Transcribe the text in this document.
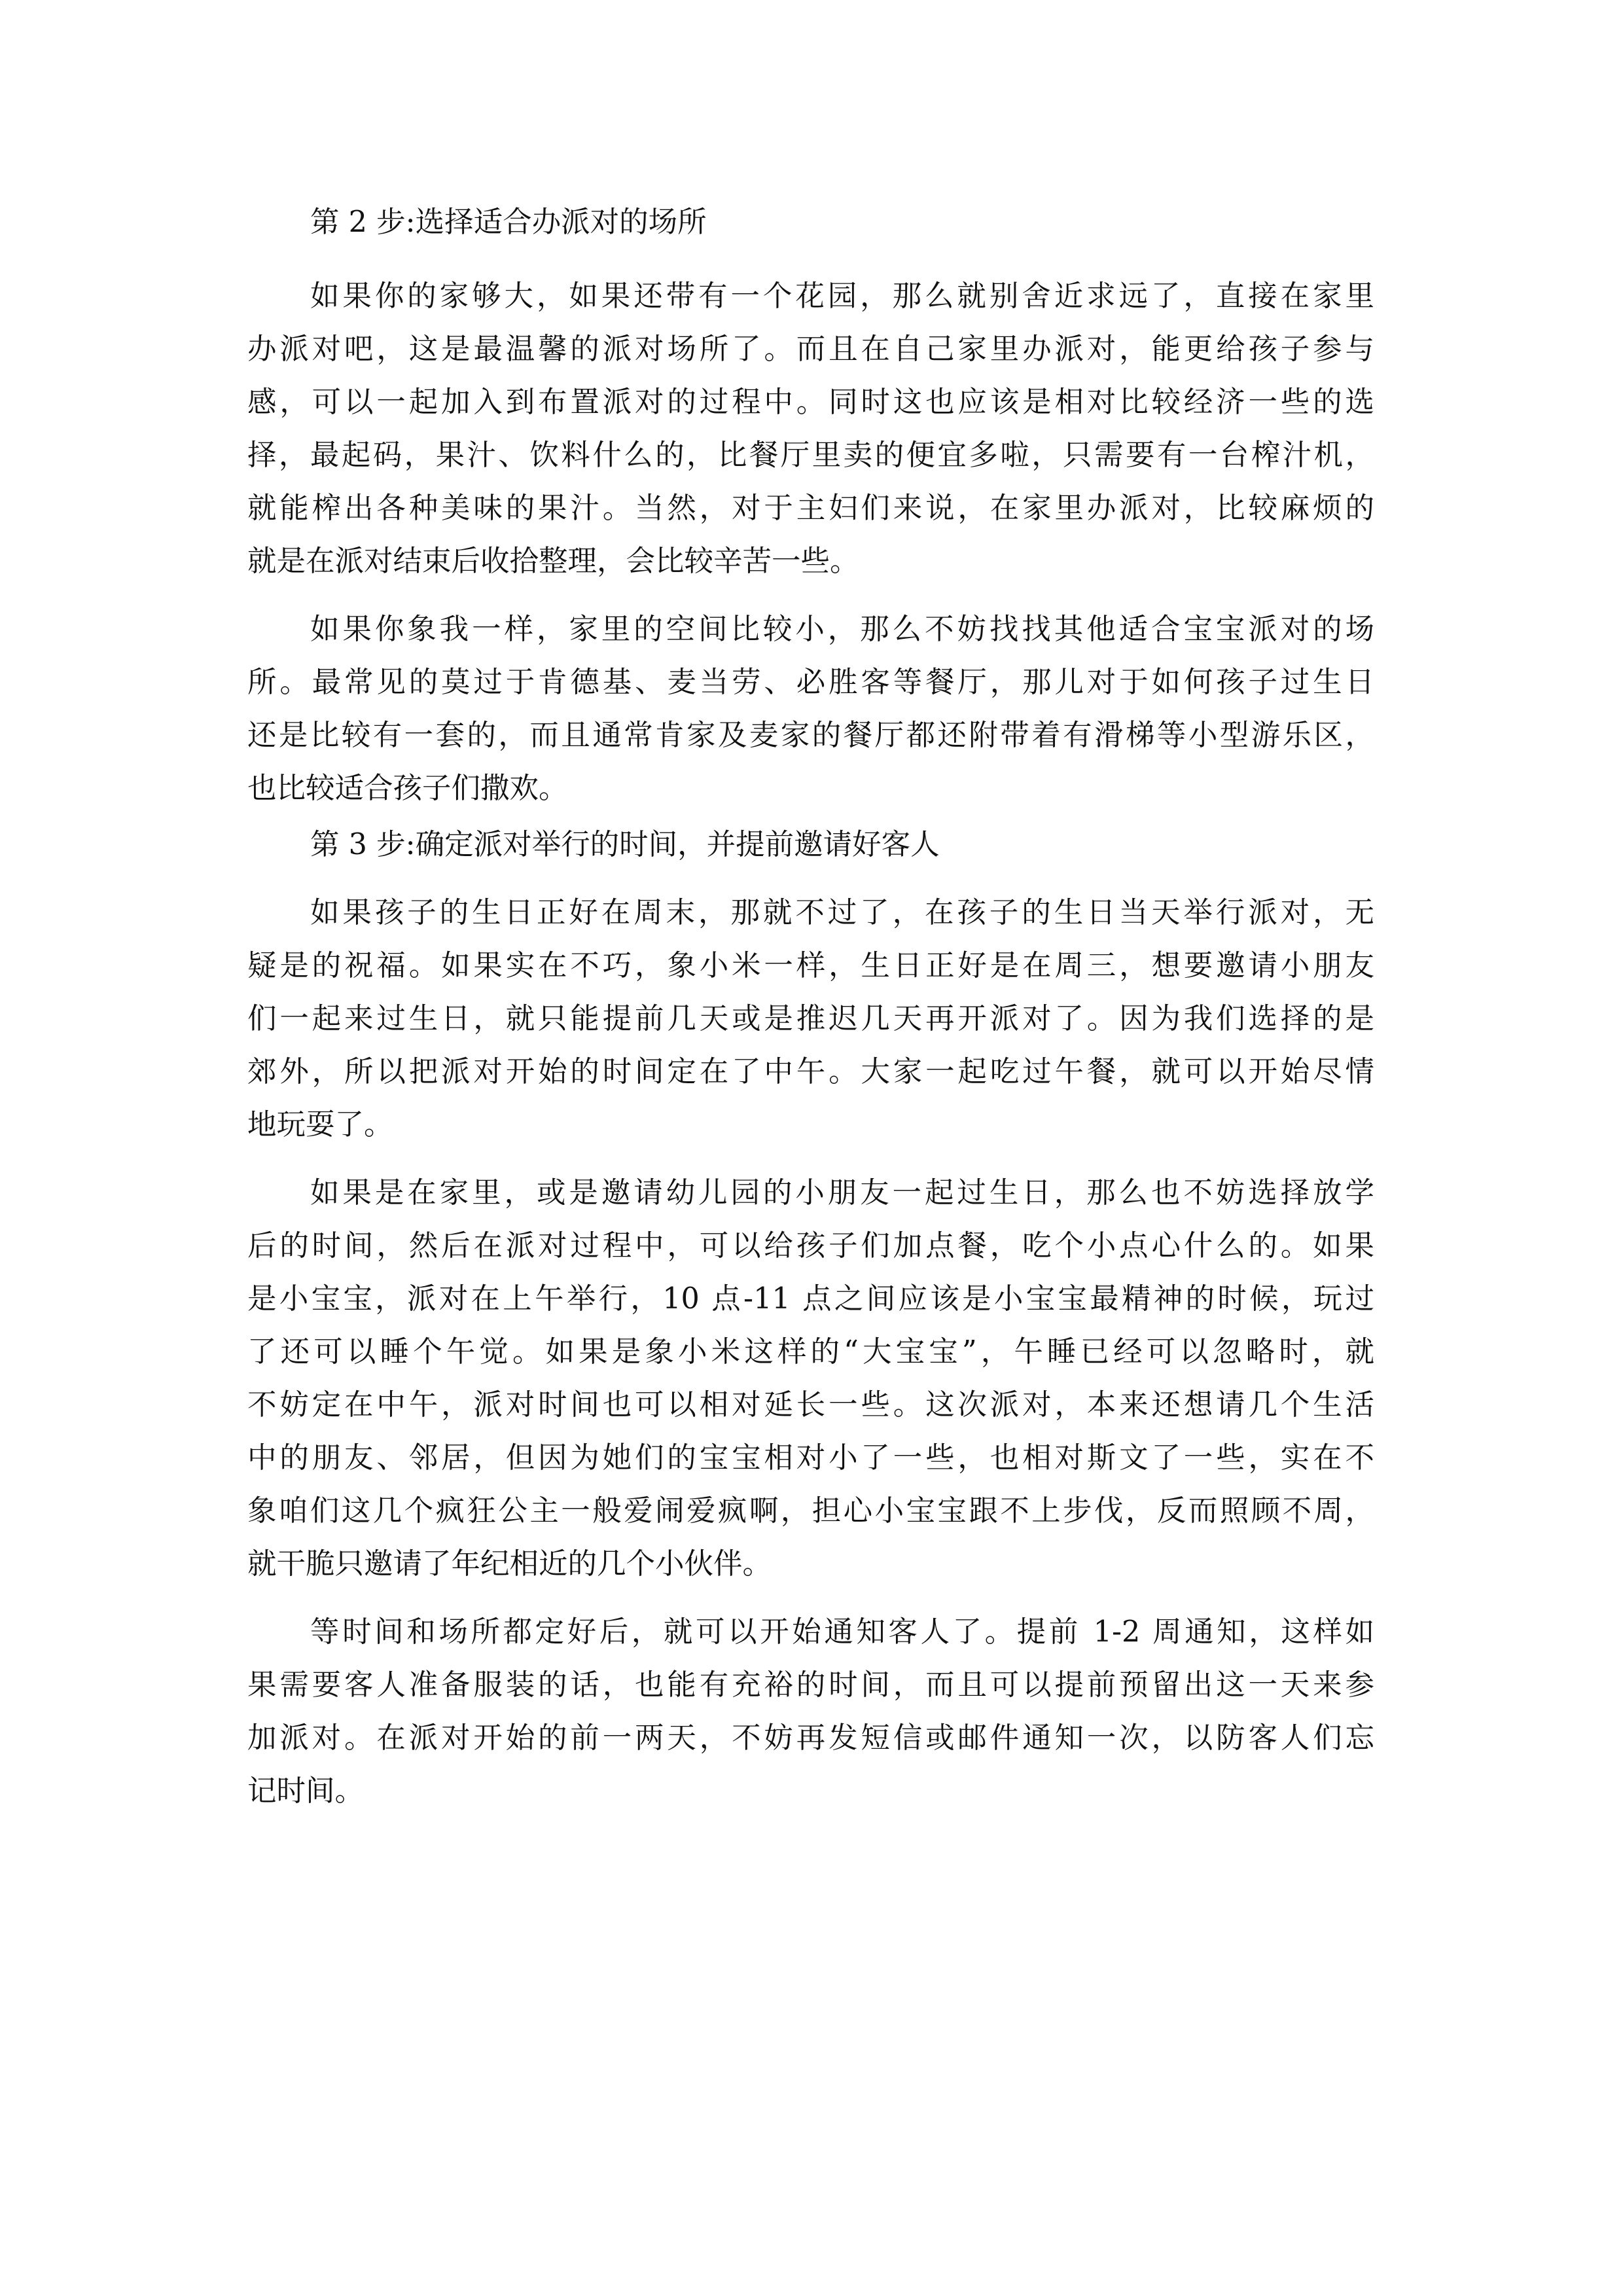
第 2 步:选择适合办派对的场所
如果你的家够大，如果还带有一个花园，那么就别舍近求远了，直接在家里
办派对吧，这是最温馨的派对场所了。而且在自己家里办派对，能更给孩子参与
感，可以一起加入到布置派对的过程中。同时这也应该是相对比较经济一些的选
择，最起码，果汁、饮料什么的，比餐厅里卖的便宜多啦，只需要有一台榨汁机，
就能榨出各种美味的果汁。当然，对于主妇们来说，在家里办派对，比较麻烦的
就是在派对结束后收拾整理，会比较辛苦一些。
如果你象我一样，家里的空间比较小，那么不妨找找其他适合宝宝派对的场
所。最常见的莫过于肯德基、麦当劳、必胜客等餐厅，那儿对于如何孩子过生日
还是比较有一套的，而且通常肯家及麦家的餐厅都还附带着有滑梯等小型游乐区，
也比较适合孩子们撒欢。
第 3 步:确定派对举行的时间，并提前邀请好客人
如果孩子的生日正好在周末，那就不过了，在孩子的生日当天举行派对，无
疑是的祝福。如果实在不巧，象小米一样，生日正好是在周三，想要邀请小朋友
们一起来过生日，就只能提前几天或是推迟几天再开派对了。因为我们选择的是
郊外，所以把派对开始的时间定在了中午。大家一起吃过午餐，就可以开始尽情
地玩耍了。
如果是在家里，或是邀请幼儿园的小朋友一起过生日，那么也不妨选择放学
后的时间，然后在派对过程中，可以给孩子们加点餐，吃个小点心什么的。如果
是小宝宝，派对在上午举行，10 点-11 点之间应该是小宝宝最精神的时候，玩过
了还可以睡个午觉。如果是象小米这样的“大宝宝”，午睡已经可以忽略时，就
不妨定在中午，派对时间也可以相对延长一些。这次派对，本来还想请几个生活
中的朋友、邻居，但因为她们的宝宝相对小了一些，也相对斯文了一些，实在不
象咱们这几个疯狂公主一般爱闹爱疯啊，担心小宝宝跟不上步伐，反而照顾不周，
就干脆只邀请了年纪相近的几个小伙伴。
等时间和场所都定好后，就可以开始通知客人了。提前 1-2 周通知，这样如
果需要客人准备服装的话，也能有充裕的时间，而且可以提前预留出这一天来参
加派对。在派对开始的前一两天，不妨再发短信或邮件通知一次，以防客人们忘
记时间。
